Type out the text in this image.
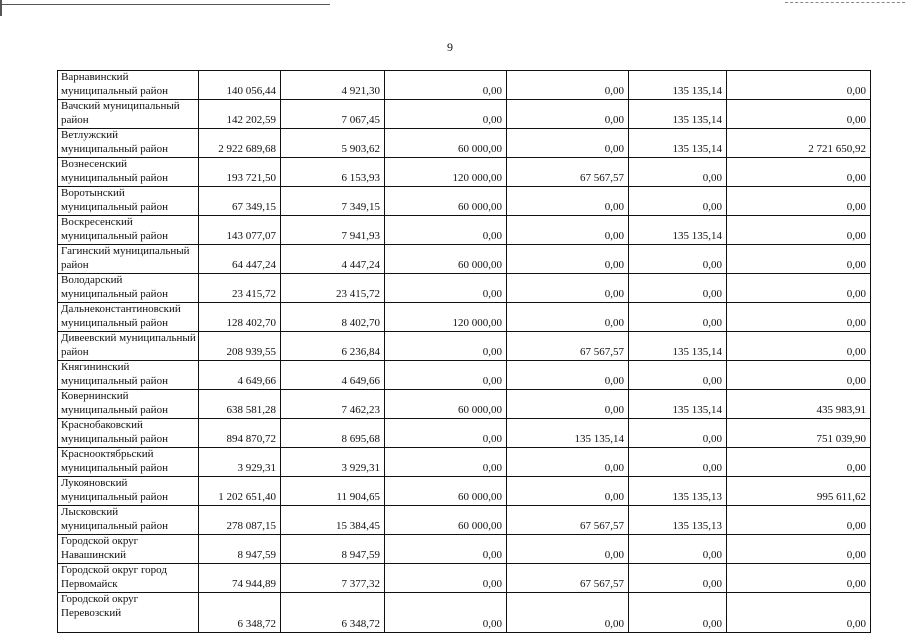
9
Варнавинский муниципальный район	140 056,44	4 921,30	0,00	0,00	135 135,14	0,00
Вачский муниципальный район	142 202,59	7 067,45	0,00	0,00	135 135,14	0,00
Ветлужский муниципальный район	2 922 689,68	5 903,62	60 000,00	0,00	135 135,14	2 721 650,92
Вознесенский муниципальный район	193 721,50	6 153,93	120 000,00	67 567,57	0,00	0,00
Воротынский муниципальный район	67 349,15	7 349,15	60 000,00	0,00	0,00	0,00
Воскресенский муниципальный район	143 077,07	7 941,93	0,00	0,00	135 135,14	0,00
Гагинский муниципальный район	64 447,24	4 447,24	60 000,00	0,00	0,00	0,00
Володарский муниципальный район	23 415,72	23 415,72	0,00	0,00	0,00	0,00
Дальнеконстантиновский муниципальный район	128 402,70	8 402,70	120 000,00	0,00	0,00	0,00
Дивеевский муниципальный район	208 939,55	6 236,84	0,00	67 567,57	135 135,14	0,00
Княгининский муниципальный район	4 649,66	4 649,66	0,00	0,00	0,00	0,00
Ковернинский муниципальный район	638 581,28	7 462,23	60 000,00	0,00	135 135,14	435 983,91
Краснобаковский муниципальный район	894 870,72	8 695,68	0,00	135 135,14	0,00	751 039,90
Краснооктябрьский муниципальный район	3 929,31	3 929,31	0,00	0,00	0,00	0,00
Лукояновский муниципальный район	1 202 651,40	11 904,65	60 000,00	0,00	135 135,13	995 611,62
Лысковский муниципальный район	278 087,15	15 384,45	60 000,00	67 567,57	135 135,13	0,00
Городской округ Навашинский	8 947,59	8 947,59	0,00	0,00	0,00	0,00
Городской округ город Первомайск	74 944,89	7 377,32	0,00	67 567,57	0,00	0,00
Городской округ Перевозский	6 348,72	6 348,72	0,00	0,00	0,00	0,00
